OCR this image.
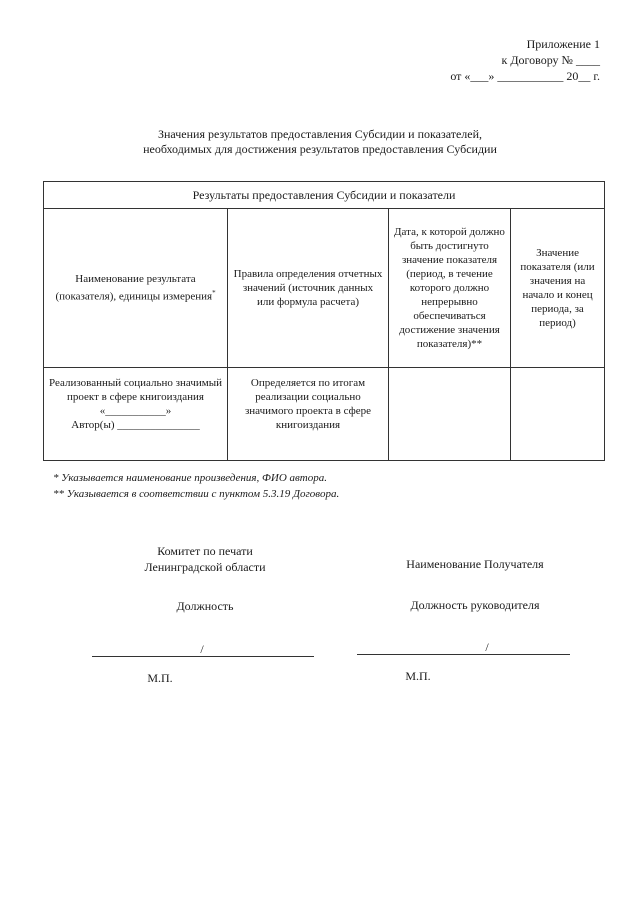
Приложение 1
к Договору № ____
от «___» ___________ 20__ г.
Значения результатов предоставления Субсидии и показателей,
необходимых для достижения результатов предоставления Субсидии
Результаты предоставления Субсидии и показатели			
Наименование результата (показателя), единицы измерения*	Правила определения отчетных значений (источник данных или формула расчета)	Дата, к которой должно быть достигнуто значение показателя (период, в течение которого должно непрерывно обеспечиваться достижение значения показателя)**	Значение показателя (или значения на начало и конец периода, за период)

Реализованный социально значимый проект в сфере книгоиздания «___________»
Автор(ы) _______________	Определяется по итогам реализации социально значимого проекта в сфере книгоиздания		
* Указывается наименование произведения, ФИО автора.
** Указывается в соответствии с пунктом 5.3.19 Договора.
Комитет по печати
Ленинградской области
Должность
/
М.П.
Наименование Получателя
Должность руководителя
/
М.П.
